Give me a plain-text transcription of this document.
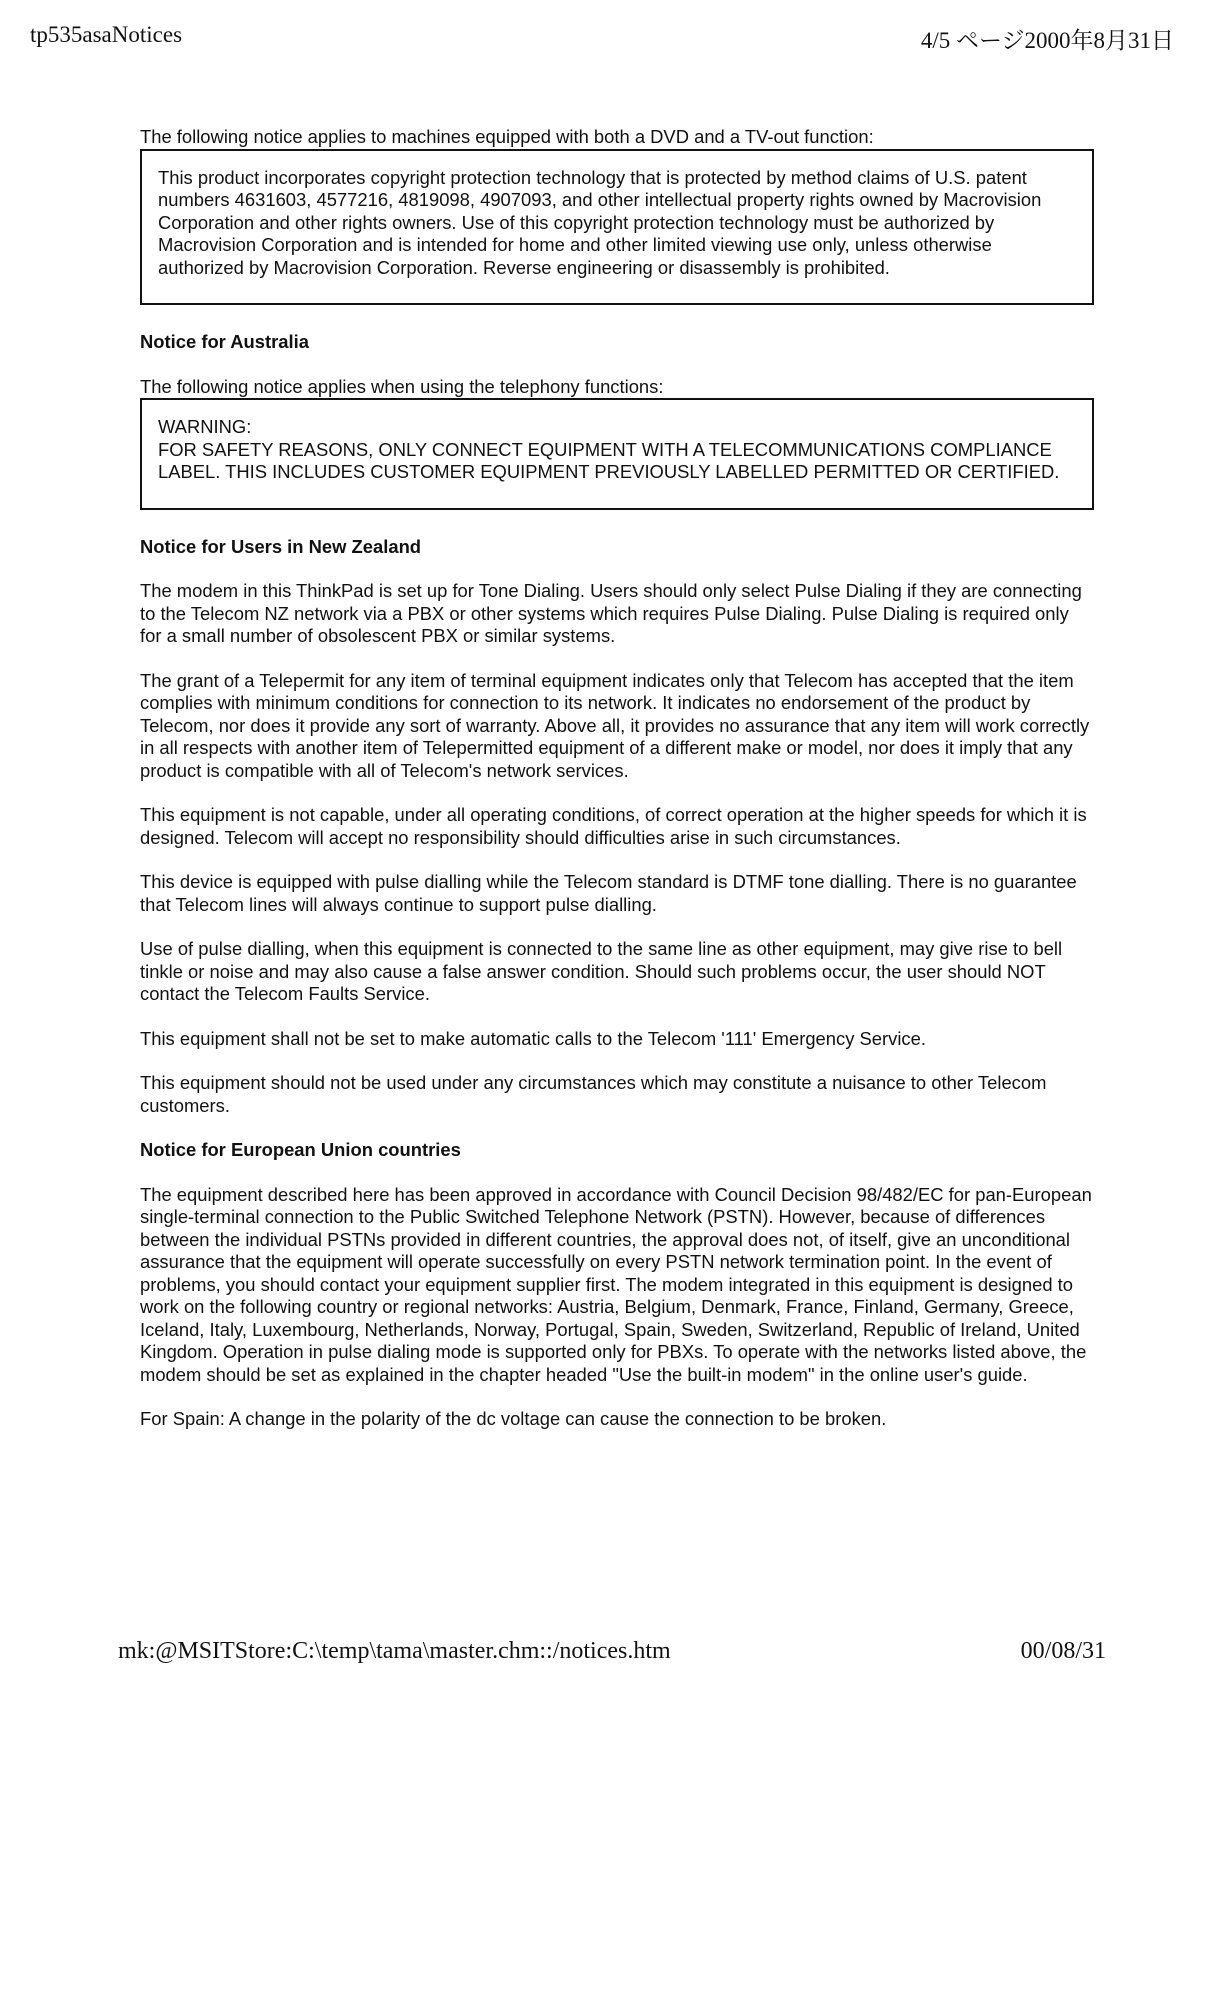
tp535asaNotices	4/5 ページ2000年8月31日

The following notice applies to machines equipped with both a DVD and a TV-out function:

This product incorporates copyright protection technology that is protected by method claims of U.S. patent numbers 4631603, 4577216, 4819098, 4907093, and other intellectual property rights owned by Macrovision Corporation and other rights owners. Use of this copyright protection technology must be authorized by Macrovision Corporation and is intended for home and other limited viewing use only, unless otherwise authorized by Macrovision Corporation. Reverse engineering or disassembly is prohibited.

Notice for Australia

The following notice applies when using the telephony functions:

WARNING:

FOR SAFETY REASONS, ONLY CONNECT EQUIPMENT WITH A TELECOMMUNICATIONS COMPLIANCE LABEL. THIS INCLUDES CUSTOMER EQUIPMENT PREVIOUSLY LABELLED PERMITTED OR CERTIFIED.

Notice for Users in New Zealand

The modem in this ThinkPad is set up for Tone Dialing. Users should only select Pulse Dialing if they are connecting to the Telecom NZ network via a PBX or other systems which requires Pulse Dialing. Pulse Dialing is required only for a small number of obsolescent PBX or similar systems.

The grant of a Telepermit for any item of terminal equipment indicates only that Telecom has accepted that the item complies with minimum conditions for connection to its network. It indicates no endorsement of the product by Telecom, nor does it provide any sort of warranty. Above all, it provides no assurance that any item will work correctly in all respects with another item of Telepermitted equipment of a different make or model, nor does it imply that any product is compatible with all of Telecom's network services.

This equipment is not capable, under all operating conditions, of correct operation at the higher speeds for which it is designed. Telecom will accept no responsibility should difficulties arise in such circumstances.

This device is equipped with pulse dialling while the Telecom standard is DTMF tone dialling. There is no guarantee that Telecom lines will always continue to support pulse dialling.

Use of pulse dialling, when this equipment is connected to the same line as other equipment, may give rise to bell tinkle or noise and may also cause a false answer condition. Should such problems occur, the user should NOT contact the Telecom Faults Service.

This equipment shall not be set to make automatic calls to the Telecom '111' Emergency Service.

This equipment should not be used under any circumstances which may constitute a nuisance to other Telecom customers.

Notice for European Union countries

The equipment described here has been approved in accordance with Council Decision 98/482/EC for pan-European single-terminal connection to the Public Switched Telephone Network (PSTN). However, because of differences between the individual PSTNs provided in different countries, the approval does not, of itself, give an unconditional assurance that the equipment will operate successfully on every PSTN network termination point. In the event of problems, you should contact your equipment supplier first. The modem integrated in this equipment is designed to work on the following country or regional networks: Austria, Belgium, Denmark, France, Finland, Germany, Greece, Iceland, Italy, Luxembourg, Netherlands, Norway, Portugal, Spain, Sweden, Switzerland, Republic of Ireland, United Kingdom. Operation in pulse dialing mode is supported only for PBXs. To operate with the networks listed above, the modem should be set as explained in the chapter headed "Use the built-in modem" in the online user's guide.

For Spain: A change in the polarity of the dc voltage can cause the connection to be broken.

mk:@MSITStore:C:\temp\tama\master.chm::/notices.htm	00/08/31
